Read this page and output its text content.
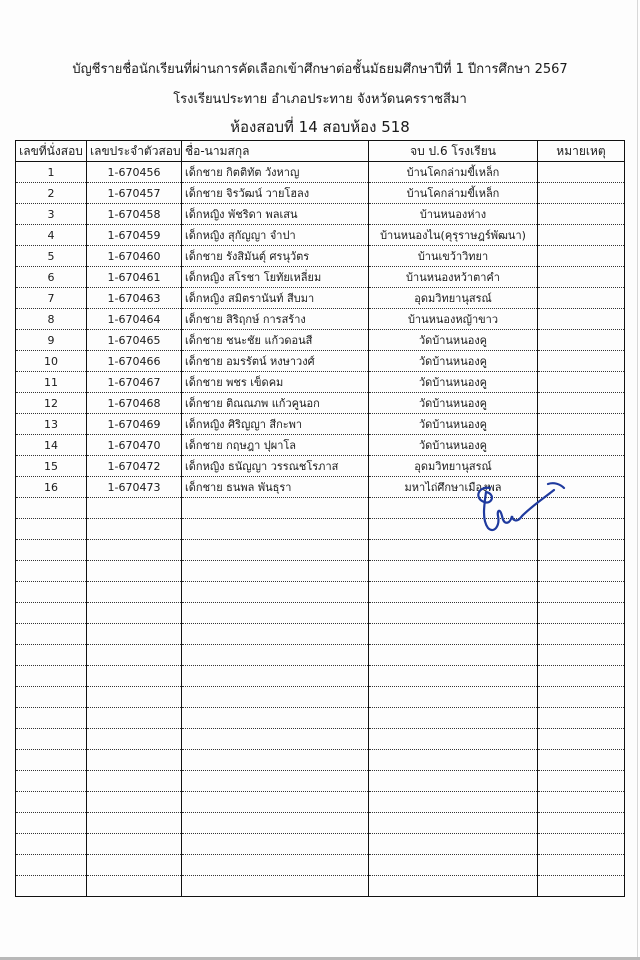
บัญชีรายชื่อนักเรียนที่ผ่านการคัดเลือกเข้าศึกษาต่อชั้นมัธยมศึกษาปีที่ 1 ปีการศึกษา 2567
โรงเรียนประทาย อำเภอประทาย จังหวัดนครราชสีมา
ห้องสอบที่ 14 สอบห้อง 518
เลขที่นั่งสอบ	เลขประจำตัวสอบ	ชื่อ-นามสกุล	จบ ป.6 โรงเรียน	หมายเหตุ
1	1-670456	เด็กชาย กิตติทัต วังหาญ	บ้านโคกล่ามขี้เหล็ก	
2	1-670457	เด็กชาย จิรวัฒน์ วายโฮลง	บ้านโคกล่ามขี้เหล็ก	
3	1-670458	เด็กหญิง พัชริดา พลเสน	บ้านหนองห่าง	
4	1-670459	เด็กหญิง สุกัญญา จำปา	บ้านหนองไน(คุรุราษฎร์พัฒนา)	
5	1-670460	เด็กชาย รังสิมันต์ุ ศรนุวัตร	บ้านเขว้าวิทยา	
6	1-670461	เด็กหญิง สโรชา โยทัยเหลี่ยม	บ้านหนองหว้าตาคำ	
7	1-670463	เด็กหญิง สมิตรานันท์ สีบมา	อุดมวิทยานุสรณ์	
8	1-670464	เด็กชาย สิริฤกษ์ การสร้าง	บ้านหนองหญ้าขาว	
9	1-670465	เด็กชาย ชนะชัย แก้วดอนสี	วัดบ้านหนองคู	
10	1-670466	เด็กชาย อมรรัตน์ หงษาวงศ์	วัดบ้านหนองคู	
11	1-670467	เด็กชาย พชร เข็ดคม	วัดบ้านหนองคู	
12	1-670468	เด็กชาย ติณณภพ แก้วคูนอก	วัดบ้านหนองคู	
13	1-670469	เด็กหญิง ศิริญญา สีกะพา	วัดบ้านหนองคู	
14	1-670470	เด็กชาย กฤษฎา ปุผาโล	วัดบ้านหนองคู	
15	1-670472	เด็กหญิง ธนัญญา วรรณชโรภาส	อุดมวิทยานุสรณ์	
16	1-670473	เด็กชาย ธนพล พันธุรา	มหาไถ่ศึกษาเมืองพล	
